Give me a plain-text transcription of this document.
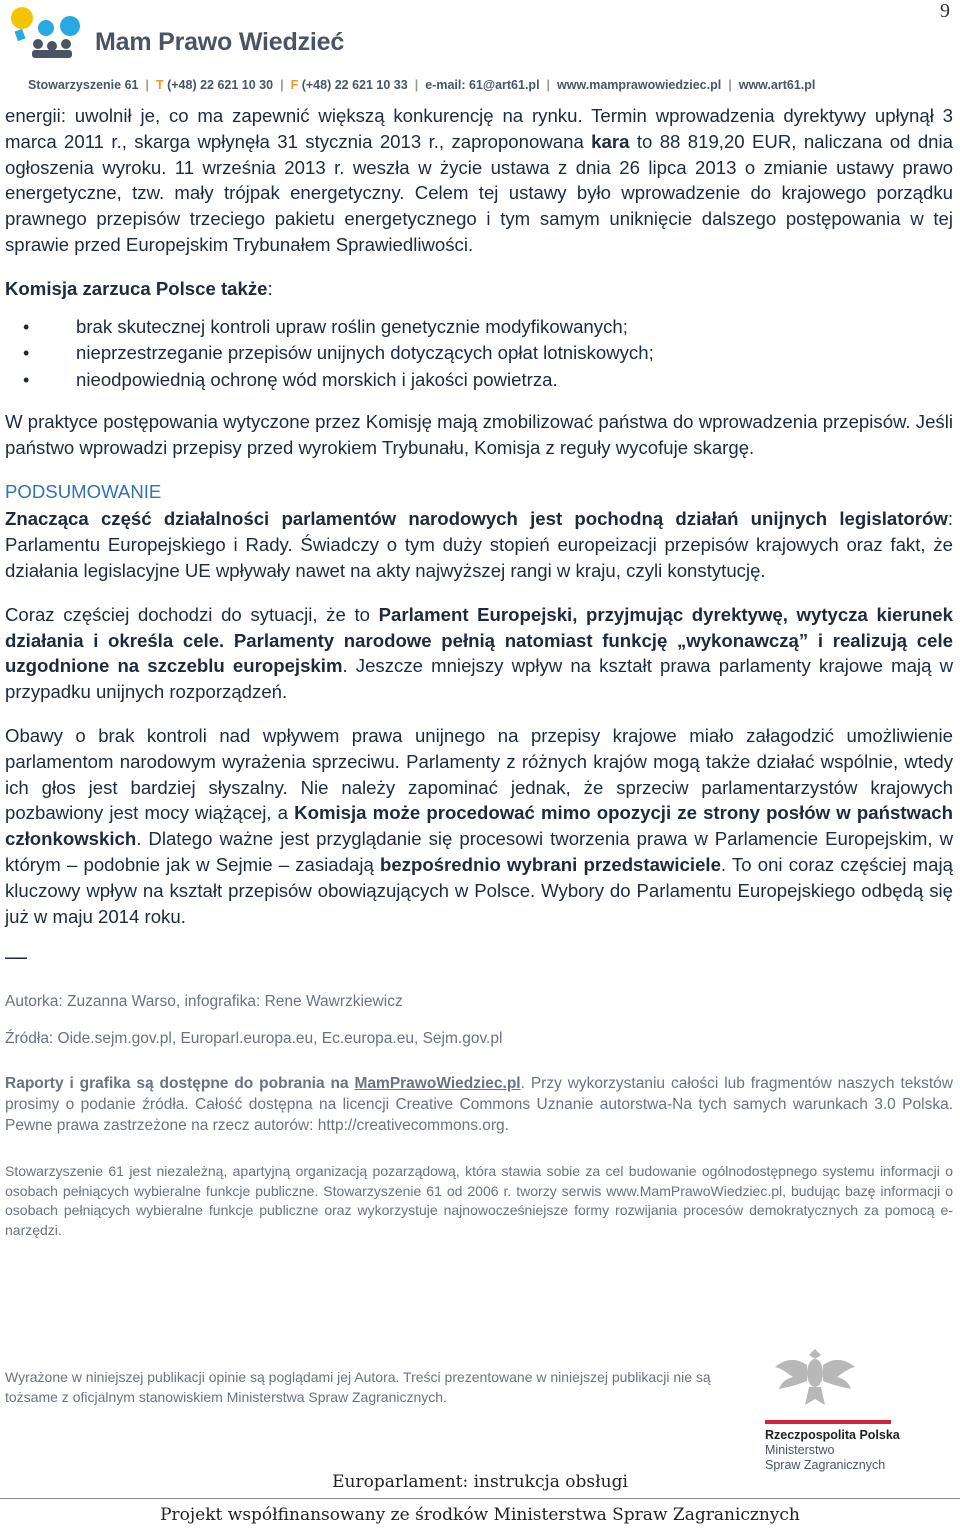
9
Mam Prawo Wiedzieć
Stowarzyszenie 61 | T (+48) 22 621 10 30 | F (+48) 22 621 10 33 | e-mail: 61@art61.pl | www.mamprawowiedziec.pl | www.art61.pl

energii: uwolnił je, co ma zapewnić większą konkurencję na rynku. Termin wprowadzenia dyrektywy upłynął 3 marca 2011 r., skarga wpłynęła 31 stycznia 2013 r., zaproponowana kara to 88 819,20 EUR, naliczana od dnia ogłoszenia wyroku. 11 września 2013 r. weszła w życie ustawa z dnia 26 lipca 2013 o zmianie ustawy prawo energetyczne, tzw. mały trójpak energetyczny. Celem tej ustawy było wprowadzenie do krajowego porządku prawnego przepisów trzeciego pakietu energetycznego i tym samym uniknięcie dalszego postępowania w tej sprawie przed Europejskim Trybunałem Sprawiedliwości.

Komisja zarzuca Polsce także:

• brak skutecznej kontroli upraw roślin genetycznie modyfikowanych;
• nieprzestrzeganie przepisów unijnych dotyczących opłat lotniskowych;
• nieodpowiednią ochronę wód morskich i jakości powietrza.

W praktyce postępowania wytyczone przez Komisję mają zmobilizować państwa do wprowadzenia przepisów. Jeśli państwo wprowadzi przepisy przed wyrokiem Trybunału, Komisja z reguły wycofuje skargę.

PODSUMOWANIE

Znacząca część działalności parlamentów narodowych jest pochodną działań unijnych legislatorów: Parlamentu Europejskiego i Rady. Świadczy o tym duży stopień europeizacji przepisów krajowych oraz fakt, że działania legislacyjne UE wpływały nawet na akty najwyższej rangi w kraju, czyli konstytucję.

Coraz częściej dochodzi do sytuacji, że to Parlament Europejski, przyjmując dyrektywę, wytycza kierunek działania i określa cele. Parlamenty narodowe pełnią natomiast funkcję „wykonawczą” i realizują cele uzgodnione na szczeblu europejskim. Jeszcze mniejszy wpływ na kształt prawa parlamenty krajowe mają w przypadku unijnych rozporządzeń.

Obawy o brak kontroli nad wpływem prawa unijnego na przepisy krajowe miało załagodzić umożliwienie parlamentom narodowym wyrażenia sprzeciwu. Parlamenty z różnych krajów mogą także działać wspólnie, wtedy ich głos jest bardziej słyszalny. Nie należy zapominać jednak, że sprzeciw parlamentarzystów krajowych pozbawiony jest mocy wiążącej, a Komisja może procedować mimo opozycji ze strony posłów w państwach członkowskich. Dlatego ważne jest przyglądanie się procesowi tworzenia prawa w Parlamencie Europejskim, w którym – podobnie jak w Sejmie – zasiadają bezpośrednio wybrani przedstawiciele. To oni coraz częściej mają kluczowy wpływ na kształt przepisów obowiązujących w Polsce. Wybory do Parlamentu Europejskiego odbędą się już w maju 2014 roku.

—
Autorka: Zuzanna Warso, infografika: Rene Wawrzkiewicz
Źródła: Oide.sejm.gov.pl, Europarl.europa.eu, Ec.europa.eu, Sejm.gov.pl
Raporty i grafika są dostępne do pobrania na MamPrawoWiedziec.pl. Przy wykorzystaniu całości lub fragmentów naszych tekstów prosimy o podanie źródła. Całość dostępna na licencji Creative Commons Uznanie autorstwa-Na tych samych warunkach 3.0 Polska. Pewne prawa zastrzeżone na rzecz autorów: http://creativecommons.org.
Stowarzyszenie 61 jest niezależną, apartyjną organizacją pozarządową, która stawia sobie za cel budowanie ogólnodostępnego systemu informacji o osobach pełniących wybieralne funkcje publiczne. Stowarzyszenie 61 od 2006 r. tworzy serwis www.MamPrawoWiedziec.pl, budując bazę informacji o osobach pełniących wybieralne funkcje publiczne oraz wykorzystuje najnowocześniejsze formy rozwijania procesów demokratycznych za pomocą e-narzędzi.
Wyrażone w niniejszej publikacji opinie są poglądami jej Autora. Treści prezentowane w niniejszej publikacji nie są tożsame z oficjalnym stanowiskiem Ministerstwa Spraw Zagranicznych.
Rzeczpospolita Polska
Ministerstwo
Spraw Zagranicznych
Europarlament: instrukcja obsługi
Projekt współfinansowany ze środków Ministerstwa Spraw Zagranicznych
